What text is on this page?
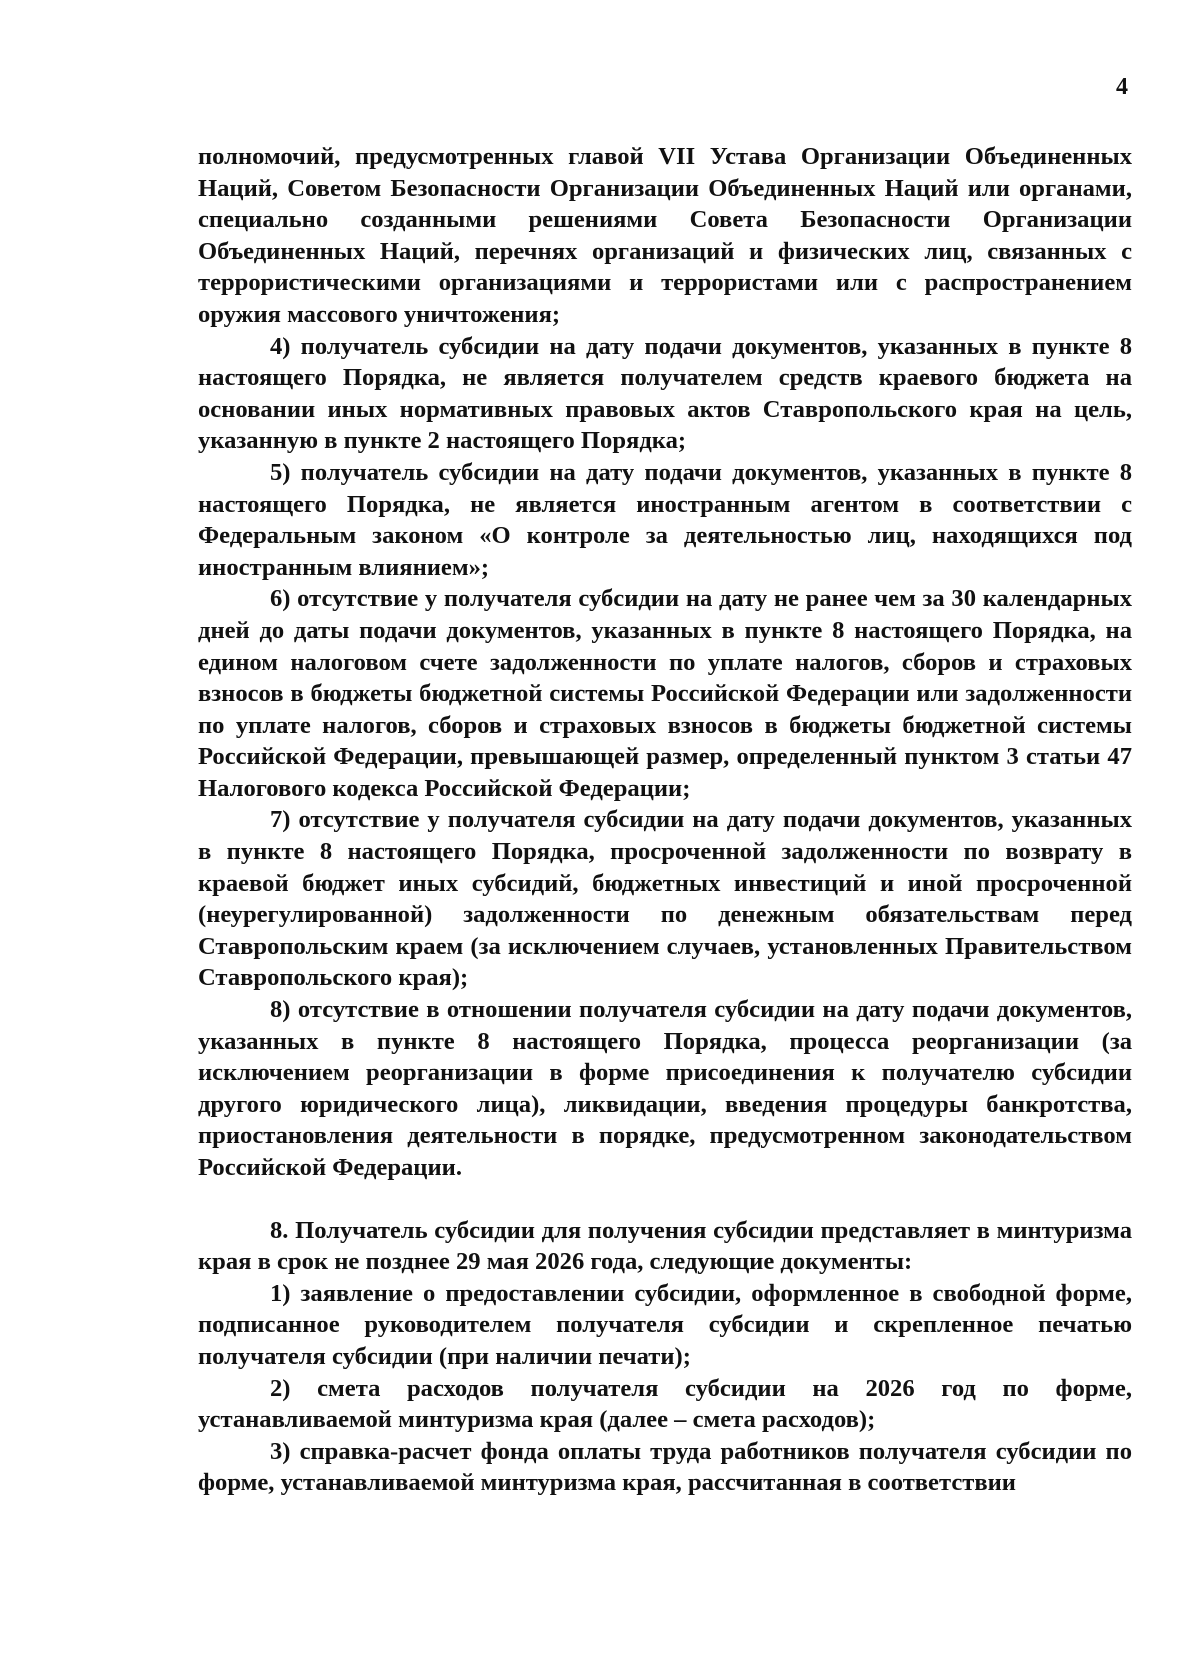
4

полномочий, предусмотренных главой VII Устава Организации Объединенных Наций, Советом Безопасности Организации Объединенных Наций или органами, специально созданными решениями Совета Безопасности Организации Объединенных Наций, перечнях организаций и физических лиц, связанных с террористическими организациями и террористами или с распространением оружия массового уничтожения;

4) получатель субсидии на дату подачи документов, указанных в пункте 8 настоящего Порядка, не является получателем средств краевого бюджета на основании иных нормативных правовых актов Ставропольского края на цель, указанную в пункте 2 настоящего Порядка;

5) получатель субсидии на дату подачи документов, указанных в пункте 8 настоящего Порядка, не является иностранным агентом в соответствии с Федеральным законом «О контроле за деятельностью лиц, находящихся под иностранным влиянием»;

6) отсутствие у получателя субсидии на дату не ранее чем за 30 календарных дней до даты подачи документов, указанных в пункте 8 настоящего Порядка, на едином налоговом счете задолженности по уплате налогов, сборов и страховых взносов в бюджеты бюджетной системы Российской Федерации или задолженности по уплате налогов, сборов и страховых взносов в бюджеты бюджетной системы Российской Федерации, превышающей размер, определенный пунктом 3 статьи 47 Налогового кодекса Российской Федерации;

7) отсутствие у получателя субсидии на дату подачи документов, указанных в пункте 8 настоящего Порядка, просроченной задолженности по возврату в краевой бюджет иных субсидий, бюджетных инвестиций и иной просроченной (неурегулированной) задолженности по денежным обязательствам перед Ставропольским краем (за исключением случаев, установленных Правительством Ставропольского края);

8) отсутствие в отношении получателя субсидии на дату подачи документов, указанных в пункте 8 настоящего Порядка, процесса реорганизации (за исключением реорганизации в форме присоединения к получателю субсидии другого юридического лица), ликвидации, введения процедуры банкротства, приостановления деятельности в порядке, предусмотренном законодательством Российской Федерации.

8. Получатель субсидии для получения субсидии представляет в минтуризма края в срок не позднее 29 мая 2026 года, следующие документы:

1) заявление о предоставлении субсидии, оформленное в свободной форме, подписанное руководителем получателя субсидии и скрепленное печатью получателя субсидии (при наличии печати);

2) смета расходов получателя субсидии на 2026 год по форме, устанавливаемой минтуризма края (далее – смета расходов);

3) справка-расчет фонда оплаты труда работников получателя субсидии по форме, устанавливаемой минтуризма края, рассчитанная в соответствии
